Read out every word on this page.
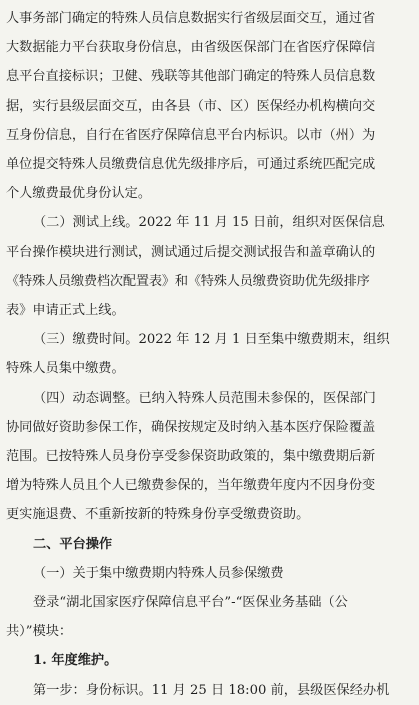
人事务部门确定的特殊人员信息数据实行省级层面交互，通过省
大数据能力平台获取身份信息，由省级医保部门在省医疗保障信
息平台直接标识；卫健、残联等其他部门确定的特殊人员信息数
据，实行县级层面交互，由各县（市、区）医保经办机构横向交
互身份信息，自行在省医疗保障信息平台内标识。以市（州）为
单位提交特殊人员缴费信息优先级排序后，可通过系统匹配完成
个人缴费最优身份认定。
（二）测试上线。2022 年 11 月 15 日前，组织对医保信息
平台操作模块进行测试，测试通过后提交测试报告和盖章确认的
《特殊人员缴费档次配置表》和《特殊人员缴费资助优先级排序
表》申请正式上线。
（三）缴费时间。2022 年 12 月 1 日至集中缴费期末，组织
特殊人员集中缴费。
（四）动态调整。已纳入特殊人员范围未参保的，医保部门
协同做好资助参保工作，确保按规定及时纳入基本医疗保险覆盖
范围。已按特殊人员身份享受参保资助政策的，集中缴费期后新
增为特殊人员且个人已缴费参保的，当年缴费年度内不因身份变
更实施退费、不重新按新的特殊身份享受缴费资助。
二、平台操作
（一）关于集中缴费期内特殊人员参保缴费
登录“湖北国家医疗保障信息平台”-“医保业务基础（公
共）”模块：
1. 年度维护。
第一步：身份标识。11 月 25 日 18:00 前，县级医保经办机
